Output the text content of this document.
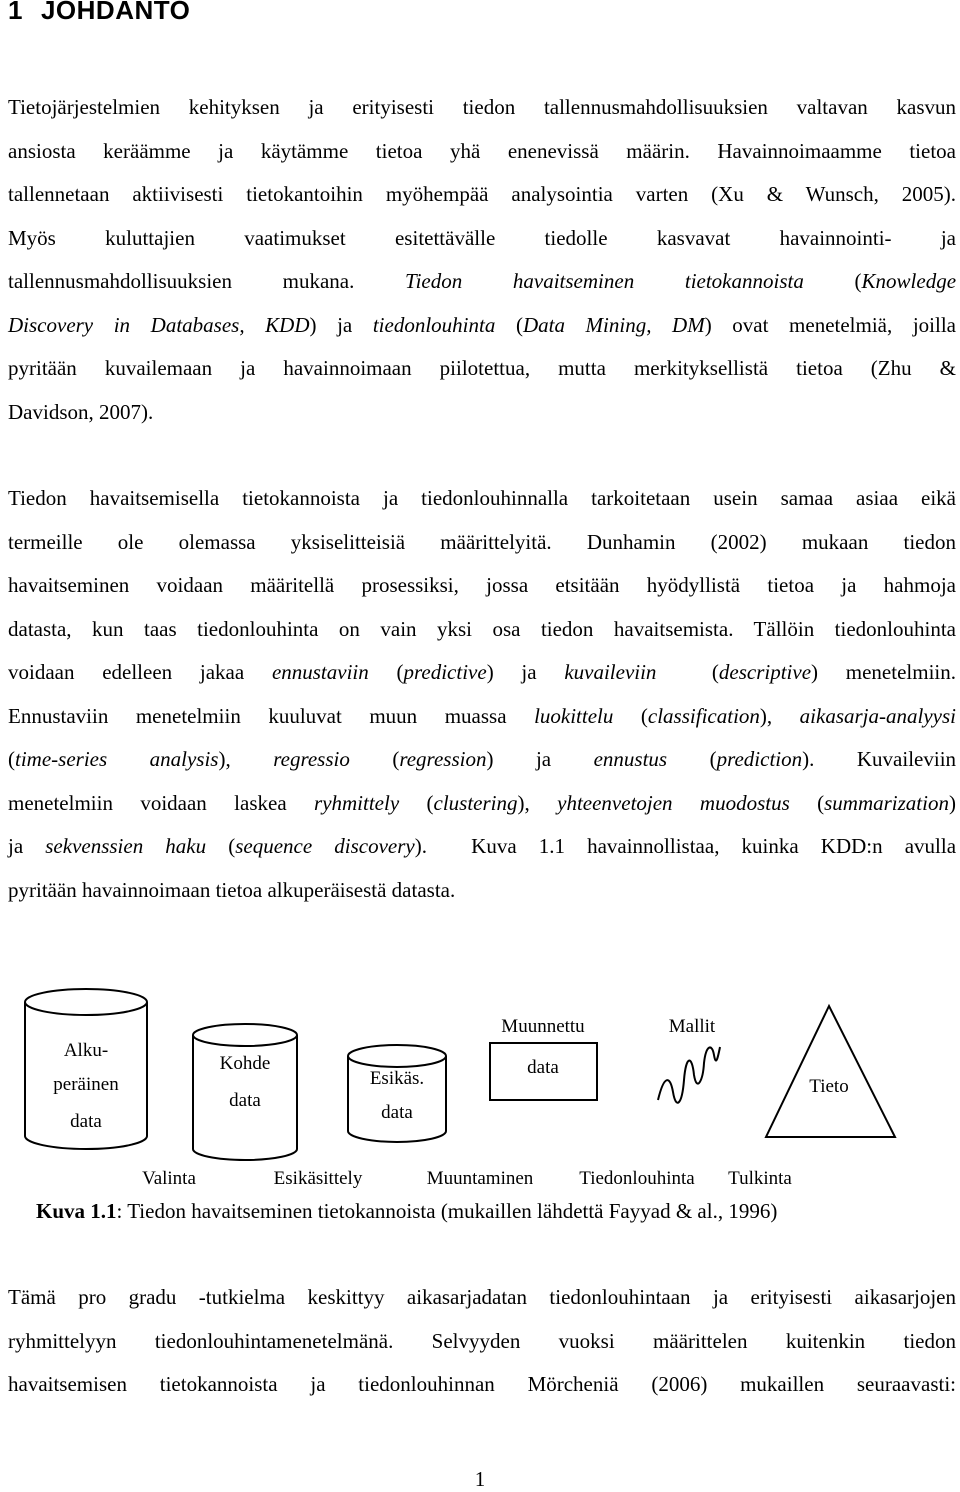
1 JOHDANTO
Tietojärjestelmien kehityksen ja erityisesti tiedon tallennusmahdollisuuksien valtavan kasvun
ansiosta keräämme ja käytämme tietoa yhä enenevissä määrin. Havainnoimaamme tietoa
tallennetaan aktiivisesti tietokantoihin myöhempää analysointia varten (Xu & Wunsch, 2005).
Myös kuluttajien vaatimukset esitettävälle tiedolle kasvavat havainnointi- ja
tallennusmahdollisuuksien mukana. Tiedon havaitseminen tietokannoista (Knowledge
Discovery in Databases, KDD) ja tiedonlouhinta (Data Mining, DM) ovat menetelmiä, joilla
pyritään kuvailemaan ja havainnoimaan piilotettua, mutta merkityksellistä tietoa (Zhu &
Davidson, 2007).
Tiedon havaitsemisella tietokannoista ja tiedonlouhinnalla tarkoitetaan usein samaa asiaa eikä
termeille ole olemassa yksiselitteisiä määrittelyitä. Dunhamin (2002) mukaan tiedon
havaitseminen voidaan määritellä prosessiksi, jossa etsitään hyödyllistä tietoa ja hahmoja
datasta, kun taas tiedonlouhinta on vain yksi osa tiedon havaitsemista. Tällöin tiedonlouhinta
voidaan edelleen jakaa ennustaviin (predictive) ja kuvaileviin  (descriptive) menetelmiin.
Ennustaviin menetelmiin kuuluvat muun muassa luokittelu (classification), aikasarja-analyysi
(time-series analysis), regressio (regression) ja ennustus (prediction). Kuvaileviin
menetelmiin voidaan laskea ryhmittely (clustering), yhteenvetojen muodostus (summarization)
ja sekvenssien haku (sequence discovery).  Kuva 1.1 havainnollistaa, kuinka KDD:n avulla
pyritään havainnoimaan tietoa alkuperäisestä datasta.
Alku-
peräinen
data
Kohde
data
Esikäs.
data
Muunnettu
data
Mallit
Tieto
Valinta	Esikäsittely	Muuntaminen Tiedonlouhinta Tulkinta

Kuva 1.1: Tiedon havaitseminen tietokannoista (mukaillen lähdettä Fayyad & al., 1996)

Tämä pro gradu -tutkielma keskittyy aikasarjadatan tiedonlouhintaan ja erityisesti aikasarjojen
ryhmittelyyn tiedonlouhintamenetelmänä. Selvyyden vuoksi määrittelen kuitenkin tiedon
havaitsemisen tietokannoista ja tiedonlouhinnan Mörcheniä (2006) mukaillen seuraavasti:
1
